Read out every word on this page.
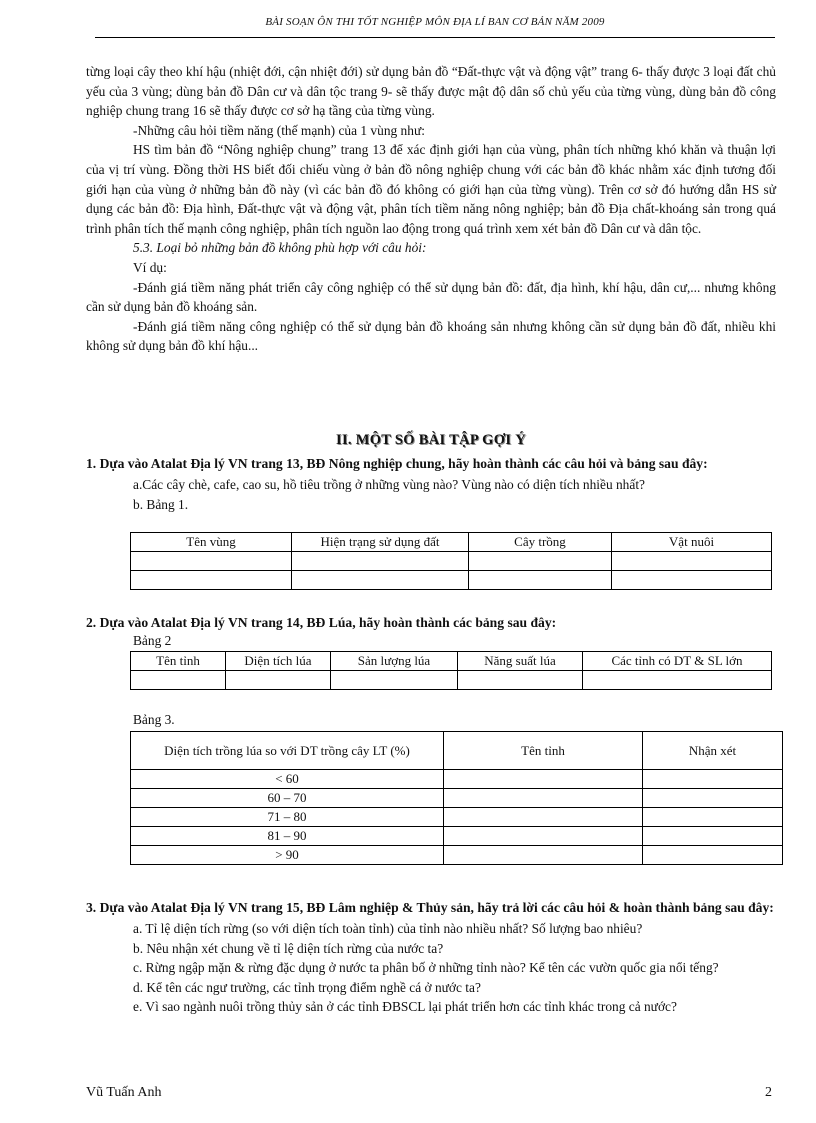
BÀI SOẠN ÔN THI TỐT NGHIỆP MÔN ĐỊA LÍ BAN CƠ BẢN NĂM 2009

từng loại cây theo khí hậu (nhiệt đới, cận nhiệt đới) sử dụng bản đồ “Đất-thực vật và động vật” trang 6- thấy được 3 loại đất chủ yếu của 3 vùng; dùng bản đồ Dân cư và dân tộc trang 9- sẽ thấy được mật độ dân số chủ yếu của từng vùng, dùng bản đồ công nghiệp chung trang 16 sẽ thấy được cơ sở hạ tầng của từng vùng.

-Những câu hỏi tiềm năng (thế mạnh) của 1 vùng như:

HS tìm bản đồ “Nông nghiệp chung” trang 13 để xác định giới hạn của vùng, phân tích những khó khăn và thuận lợi của vị trí vùng. Đồng thời HS biết đối chiếu vùng ở bản đồ nông nghiệp chung với các bản đồ khác nhằm xác định tương đối giới hạn của vùng ở những bản đồ này (vì các bản đồ đó không có giới hạn của từng vùng). Trên cơ sở đó hướng dẫn HS sử dụng các bản đồ: Địa hình, Đất-thực vật và động vật, phân tích tiềm năng nông nghiệp; bản đồ Địa chất-khoáng sản trong quá trình phân tích thế mạnh công nghiệp, phân tích nguồn lao động trong quá trình xem xét bản đồ Dân cư và dân tộc.

5.3. Loại bỏ những bản đồ không phù hợp với câu hỏi:

Ví dụ:

-Đánh giá tiềm năng phát triển cây công nghiệp có thể sử dụng bản đồ: đất, địa hình, khí hậu, dân cư,... nhưng không cần sử dụng bản đồ khoáng sản.

-Đánh giá tiềm năng công nghiệp có thể sử dụng bản đồ khoáng sản nhưng không cần sử dụng bản đồ đất, nhiều khi không sử dụng bản đồ khí hậu...

II. MỘT SỐ BÀI TẬP GỢI Ý

1. Dựa vào Atalat Địa lý VN trang 13, BĐ Nông nghiệp chung, hãy hoàn thành các câu hỏi và bảng sau đây:

a.Các cây chè, cafe, cao su, hồ tiêu trồng ở những vùng nào? Vùng nào có diện tích nhiều nhất?

b. Bảng 1.

Tên vùng	Hiện trạng sử dụng đất	Cây trồng	Vật nuôi

2. Dựa vào Atalat Địa lý VN trang 14, BĐ Lúa, hãy hoàn thành các bảng sau đây:

Bảng 2
Tên tỉnh	Diện tích lúa	Sản lượng lúa	Năng suất lúa	Các tỉnh có DT & SL lớn

Bảng 3.
Diện tích trồng lúa so với DT trồng cây LT (%)	Tên tỉnh	Nhận xét
< 60		
60 – 70		
71 – 80		
81 – 90		
> 90		

3. Dựa vào Atalat Địa lý VN trang 15, BĐ Lâm nghiệp & Thủy sản, hãy trả lời các câu hỏi & hoàn thành bảng sau đây:

a. Tỉ lệ diện tích rừng (so với diện tích toàn tỉnh) của tỉnh nào nhiều nhất? Số lượng bao nhiêu?

b. Nêu nhận xét chung về tỉ lệ diện tích rừng của nước ta?

c. Rừng ngập mặn & rừng đặc dụng ở nước ta phân bố ở những tỉnh nào? Kể tên các vườn quốc gia nổi tếng?

d. Kể tên các ngư trường, các tỉnh trọng điểm nghề cá ở nước ta?

e. Vì sao ngành nuôi trồng thủy sản ở các tỉnh ĐBSCL lại phát triển hơn các tỉnh khác trong cả nước?

Vũ Tuấn Anh	2
